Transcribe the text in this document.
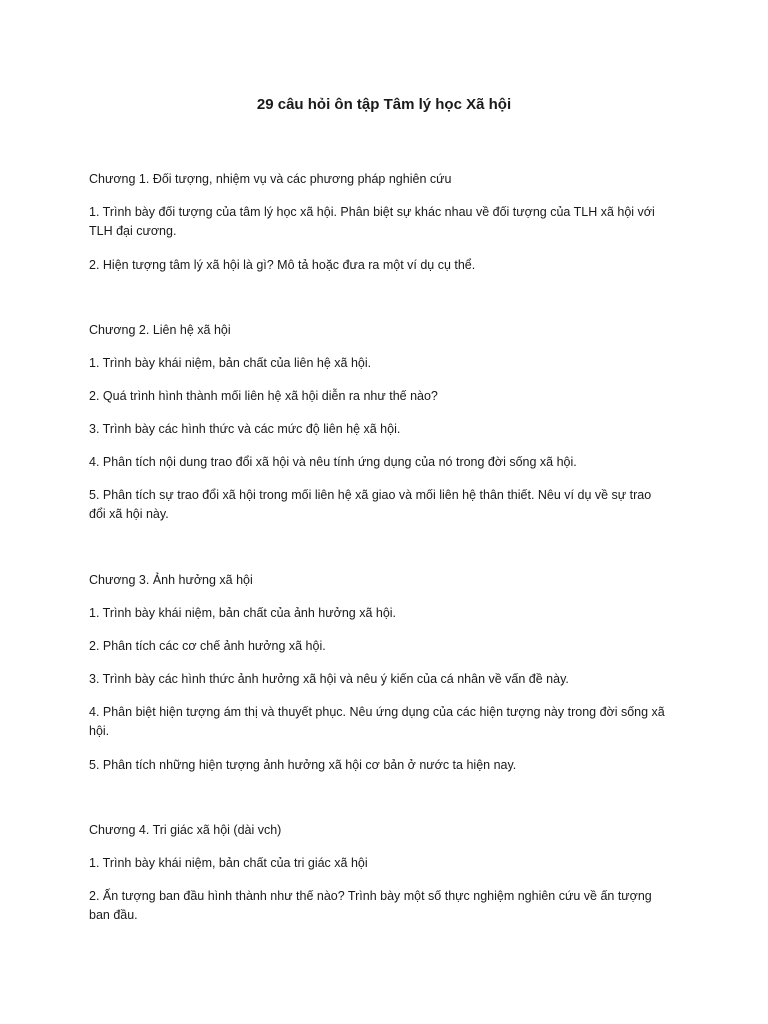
29 câu hỏi ôn tập Tâm lý học Xã hội
Chương 1. Đối tượng, nhiệm vụ và các phương pháp nghiên cứu
1. Trình bày đối tượng của tâm lý học xã hội. Phân biệt sự khác nhau về đối tượng của TLH xã hội với TLH đại cương.
2. Hiện tượng tâm lý xã hội là gì? Mô tả hoặc đưa ra một ví dụ cụ thể.
Chương 2. Liên hệ xã hội
1. Trình bày khái niệm, bản chất của liên hệ xã hội.
2. Quá trình hình thành mối liên hệ xã hội diễn ra như thế nào?
3. Trình bày các hình thức và các mức độ liên hệ xã hội.
4. Phân tích nội dung trao đổi xã hội và nêu tính ứng dụng của nó trong đời sống xã hội.
5. Phân tích sự trao đổi xã hội trong mối liên hệ xã giao và mối liên hệ thân thiết. Nêu ví dụ về sự trao đổi xã hội này.
Chương 3. Ảnh hưởng xã hội
1. Trình bày khái niệm, bản chất của ảnh hưởng xã hội.
2. Phân tích các cơ chế ảnh hưởng xã hội.
3. Trình bày các hình thức ảnh hưởng xã hội và nêu ý kiến của cá nhân về vấn đề này.
4. Phân biệt hiện tượng ám thị và thuyết phục. Nêu ứng dụng của các hiện tượng này trong đời sống xã hội.
5. Phân tích những hiện tượng ảnh hưởng xã hội cơ bản ở nước ta hiện nay.
Chương 4. Tri giác xã hội (dài vch)
1. Trình bày khái niệm, bản chất của tri giác xã hội
2. Ấn tượng ban đầu hình thành như thế nào? Trình bày một số thực nghiệm nghiên cứu về ấn tượng ban đầu.
